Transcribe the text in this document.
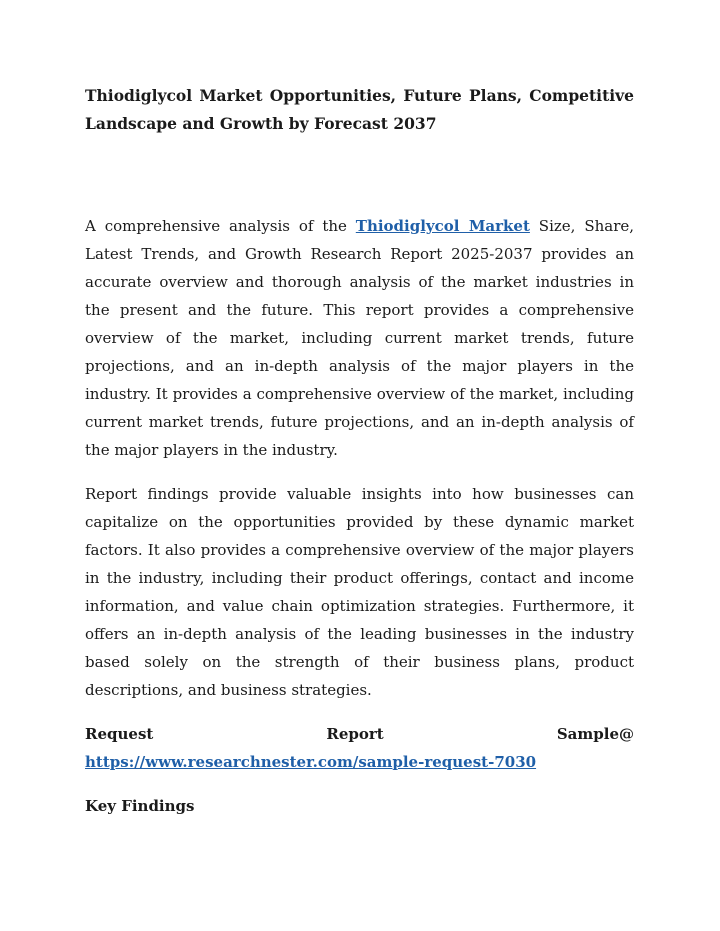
Thiodiglycol Market Opportunities, Future Plans, Competitive Landscape and Growth by Forecast 2037

A comprehensive analysis of the Thiodiglycol Market Size, Share, Latest Trends, and Growth Research Report 2025-2037 provides an accurate overview and thorough analysis of the market industries in the present and the future. This report provides a comprehensive overview of the market, including current market trends, future projections, and an in-depth analysis of the major players in the industry. It provides a comprehensive overview of the market, including current market trends, future projections, and an in-depth analysis of the major players in the industry.

Report findings provide valuable insights into how businesses can capitalize on the opportunities provided by these dynamic market factors. It also provides a comprehensive overview of the major players in the industry, including their product offerings, contact and income information, and value chain optimization strategies. Furthermore, it offers an in-depth analysis of the leading businesses in the industry based solely on the strength of their business plans, product descriptions, and business strategies.

Request	Report	Sample@
https://www.researchnester.com/sample-request-7030
Key Findings
